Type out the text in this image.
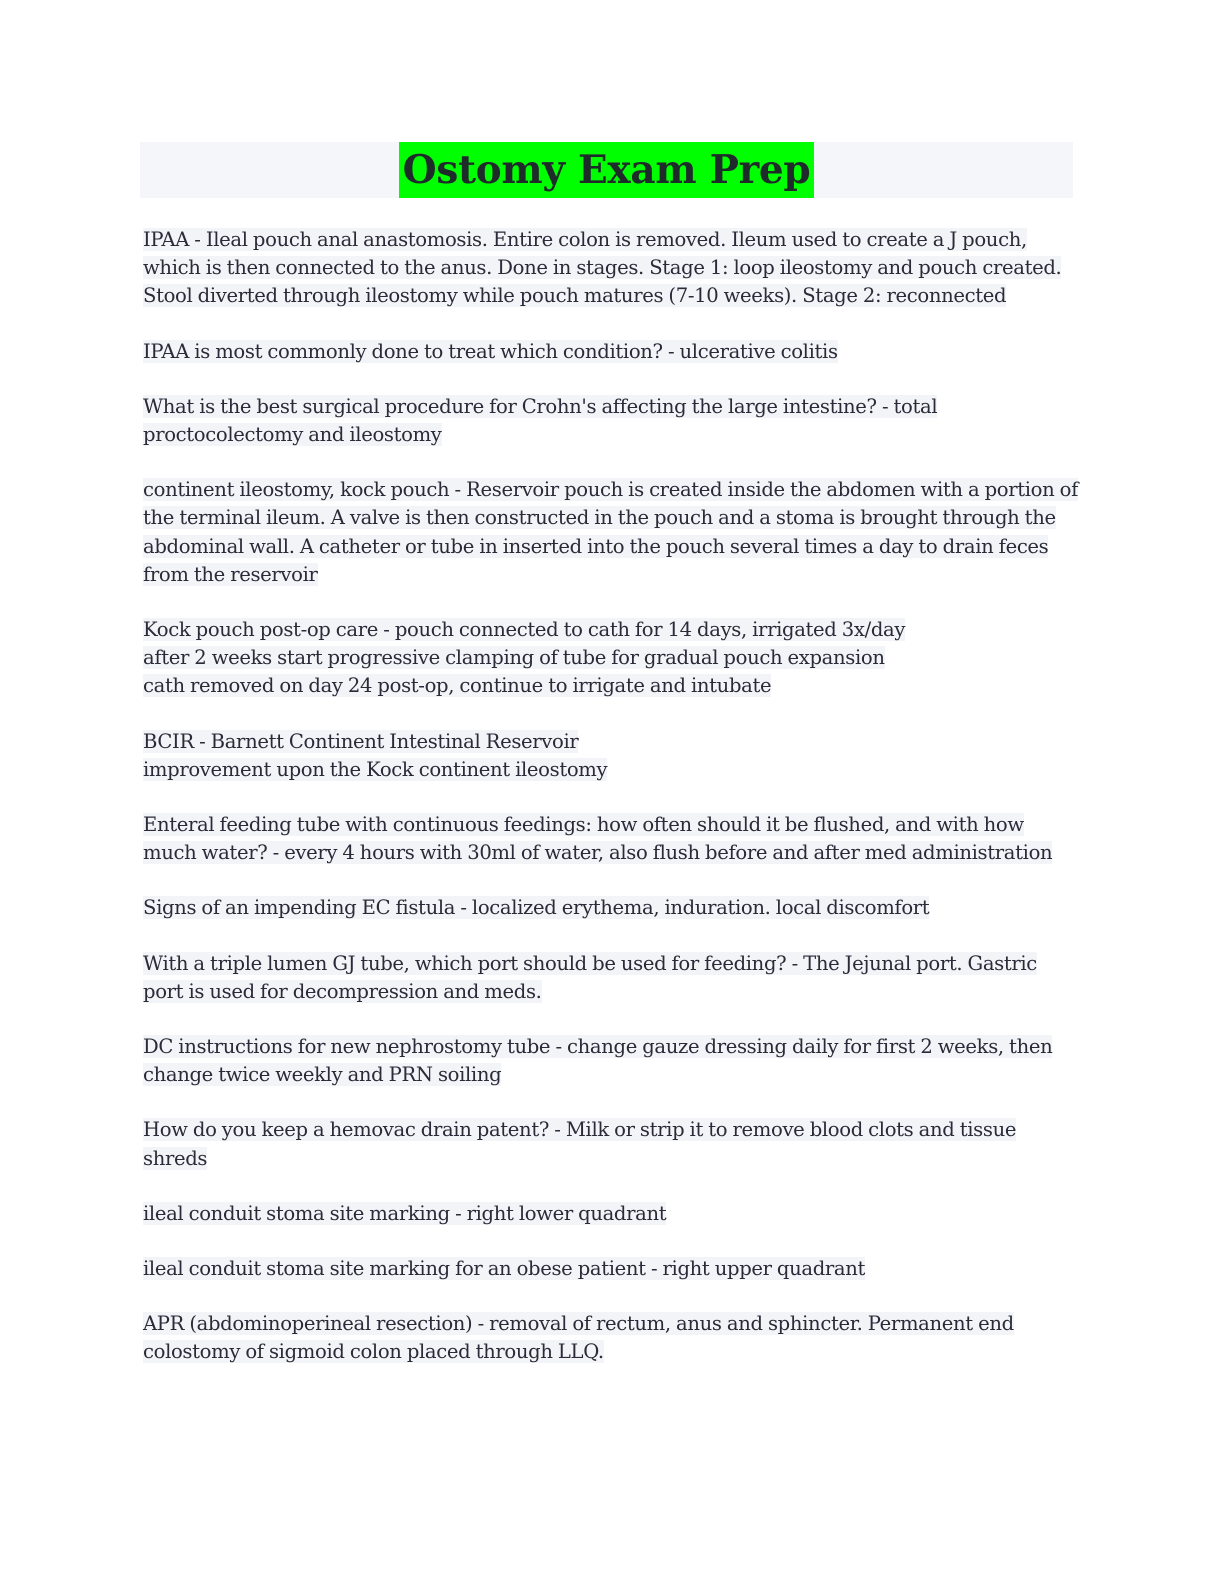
Ostomy Exam Prep

IPAA - Ileal pouch anal anastomosis. Entire colon is removed. Ileum used to create a J pouch, which is then connected to the anus. Done in stages. Stage 1: loop ileostomy and pouch created. Stool diverted through ileostomy while pouch matures (7-10 weeks). Stage 2: reconnected

IPAA is most commonly done to treat which condition? - ulcerative colitis

What is the best surgical procedure for Crohn's affecting the large intestine? - total proctocolectomy and ileostomy

continent ileostomy, kock pouch - Reservoir pouch is created inside the abdomen with a portion of the terminal ileum. A valve is then constructed in the pouch and a stoma is brought through the abdominal wall. A catheter or tube in inserted into the pouch several times a day to drain feces from the reservoir

Kock pouch post-op care - pouch connected to cath for 14 days, irrigated 3x/day
after 2 weeks start progressive clamping of tube for gradual pouch expansion
cath removed on day 24 post-op, continue to irrigate and intubate

BCIR - Barnett Continent Intestinal Reservoir
improvement upon the Kock continent ileostomy

Enteral feeding tube with continuous feedings: how often should it be flushed, and with how much water? - every 4 hours with 30ml of water, also flush before and after med administration

Signs of an impending EC fistula - localized erythema, induration. local discomfort

With a triple lumen GJ tube, which port should be used for feeding? - The Jejunal port. Gastric port is used for decompression and meds.

DC instructions for new nephrostomy tube - change gauze dressing daily for first 2 weeks, then change twice weekly and PRN soiling

How do you keep a hemovac drain patent? - Milk or strip it to remove blood clots and tissue shreds

ileal conduit stoma site marking - right lower quadrant

ileal conduit stoma site marking for an obese patient - right upper quadrant

APR (abdominoperineal resection) - removal of rectum, anus and sphincter. Permanent end colostomy of sigmoid colon placed through LLQ.
